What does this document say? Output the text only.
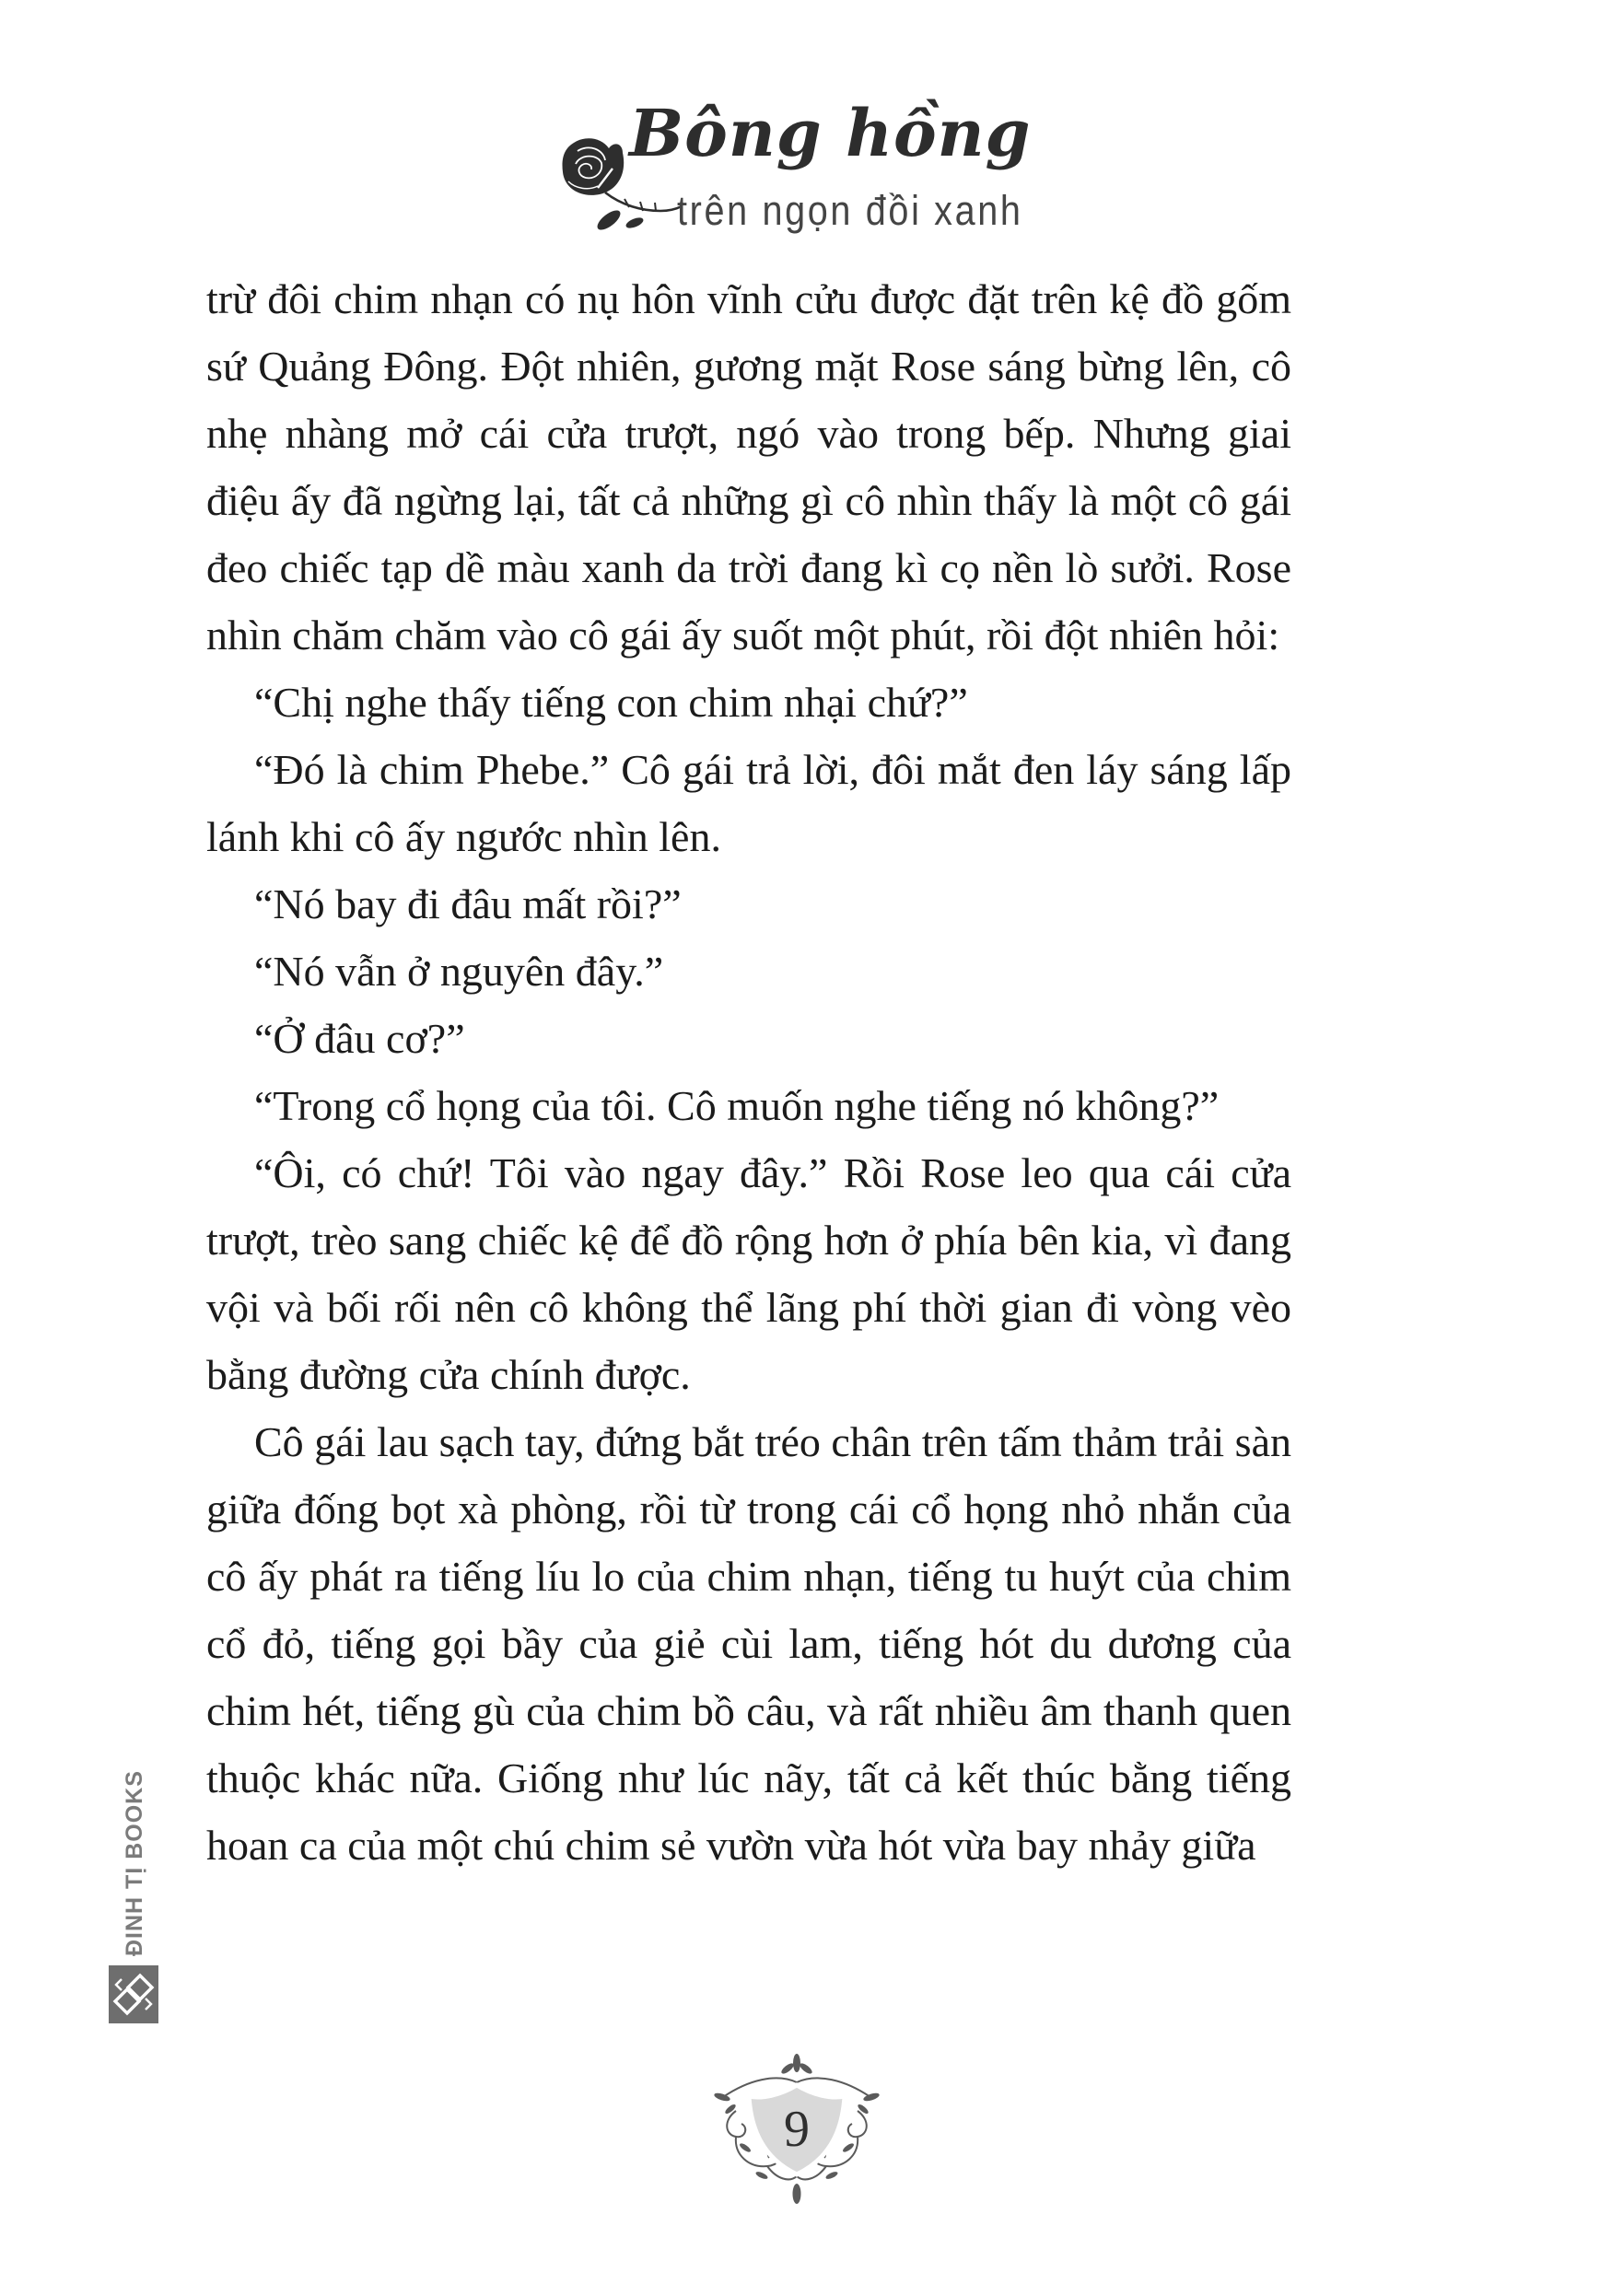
Bông hồng
trên ngọn đồi xanh

trừ đôi chim nhạn có nụ hôn vĩnh cửu được đặt trên kệ đồ gốm sứ Quảng Đông. Đột nhiên, gương mặt Rose sáng bừng lên, cô nhẹ nhàng mở cái cửa trượt, ngó vào trong bếp. Nhưng giai điệu ấy đã ngừng lại, tất cả những gì cô nhìn thấy là một cô gái đeo chiếc tạp dề màu xanh da trời đang kì cọ nền lò sưởi. Rose nhìn chăm chăm vào cô gái ấy suốt một phút, rồi đột nhiên hỏi:

“Chị nghe thấy tiếng con chim nhại chứ?”

“Đó là chim Phebe.” Cô gái trả lời, đôi mắt đen láy sáng lấp lánh khi cô ấy ngước nhìn lên.

“Nó bay đi đâu mất rồi?”

“Nó vẫn ở nguyên đây.”

“Ở đâu cơ?”

“Trong cổ họng của tôi. Cô muốn nghe tiếng nó không?”

“Ôi, có chứ! Tôi vào ngay đây.” Rồi Rose leo qua cái cửa trượt, trèo sang chiếc kệ để đồ rộng hơn ở phía bên kia, vì đang vội và bối rối nên cô không thể lãng phí thời gian đi vòng vèo bằng đường cửa chính được.

Cô gái lau sạch tay, đứng bắt tréo chân trên tấm thảm trải sàn giữa đống bọt xà phòng, rồi từ trong cái cổ họng nhỏ nhắn của cô ấy phát ra tiếng líu lo của chim nhạn, tiếng tu huýt của chim cổ đỏ, tiếng gọi bầy của giẻ cùi lam, tiếng hót du dương của chim hét, tiếng gù của chim bồ câu, và rất nhiều âm thanh quen thuộc khác nữa. Giống như lúc nãy, tất cả kết thúc bằng tiếng hoan ca của một chú chim sẻ vườn vừa hót vừa bay nhảy giữa

ĐINH TỊ BOOKS
9
